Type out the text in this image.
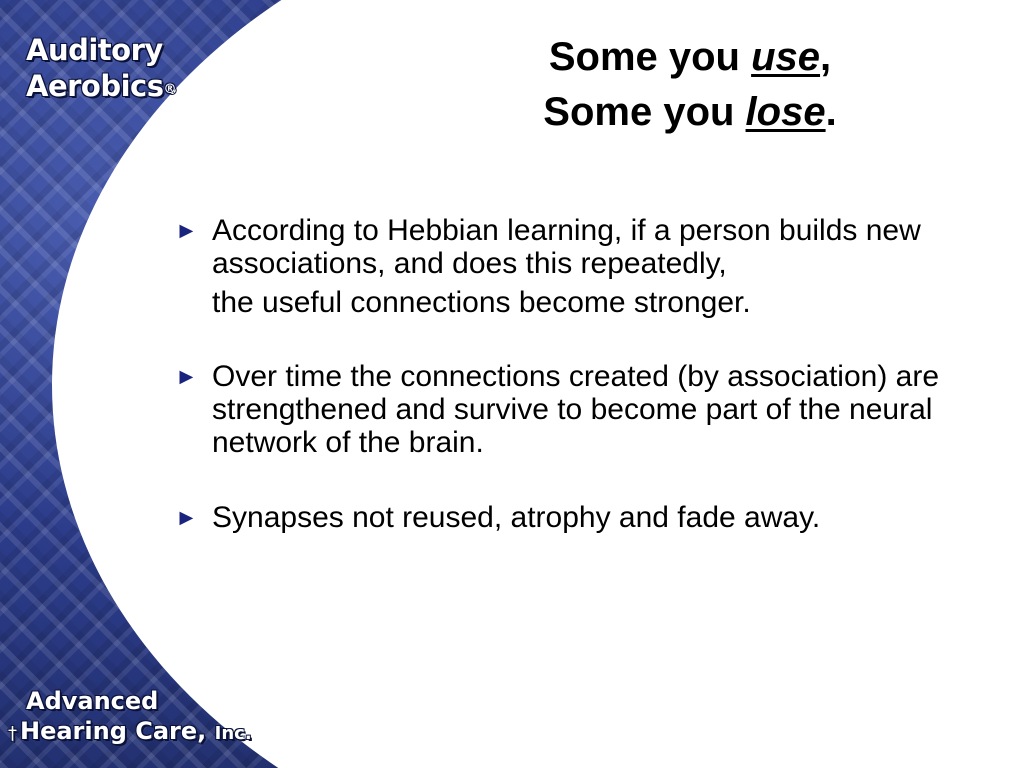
Auditory
Aerobics®
Advanced
† Hearing Care, Inc.
Some you use,
Some you lose.
► According to Hebbian learning, if a person builds new associations, and does this repeatedly,
the useful connections become stronger.
► Over time the connections created (by association) are strengthened and survive to become part of the neural network of the brain.
► Synapses not reused, atrophy and fade away.
